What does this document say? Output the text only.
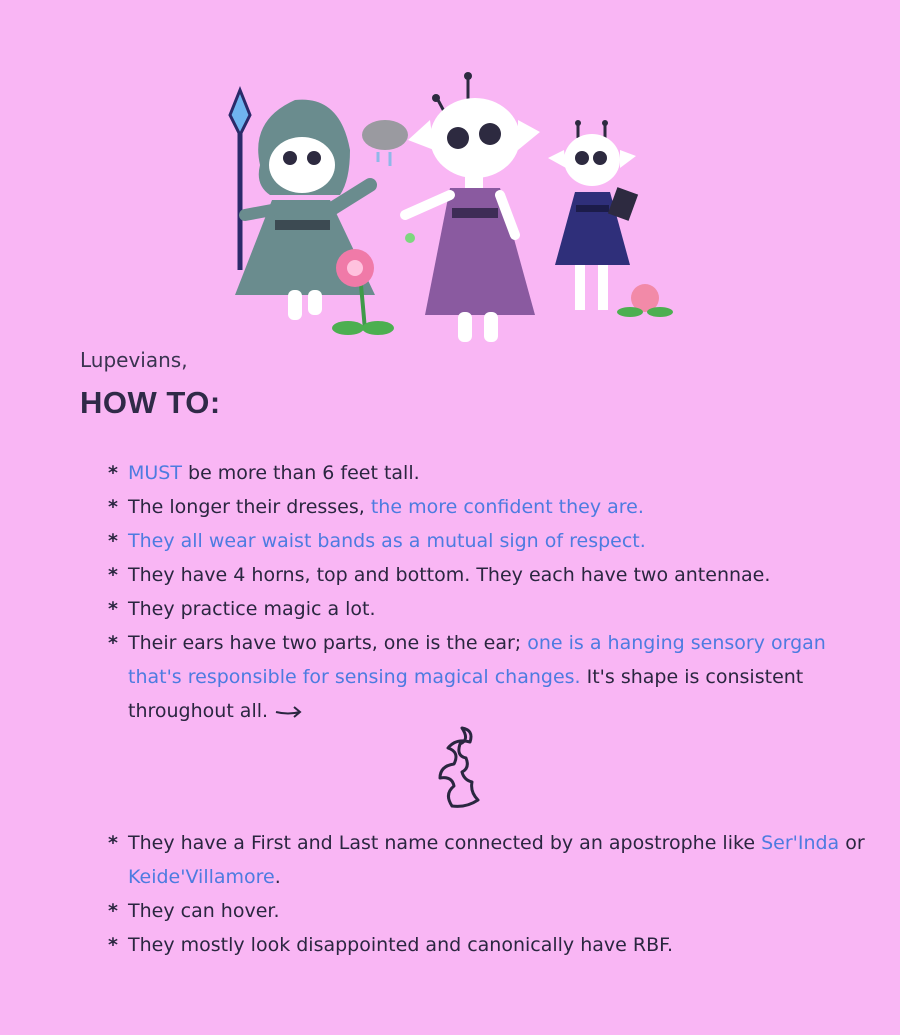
Lupevians,
HOW TO:
* MUST be more than 6 feet tall.
* The longer their dresses, the more confident they are.
* They all wear waist bands as a mutual sign of respect.
* They have 4 horns, top and bottom. They each have two antennae.
* They practice magic a lot.
* Their ears have two parts, one is the ear; one is a hanging sensory organ that's responsible for sensing magical changes. It's shape is consistent throughout all.
* They have a First and Last name connected by an apostrophe like Ser'Inda or Keide'Villamore.
* They can hover.
* They mostly look disappointed and canonically have RBF.
